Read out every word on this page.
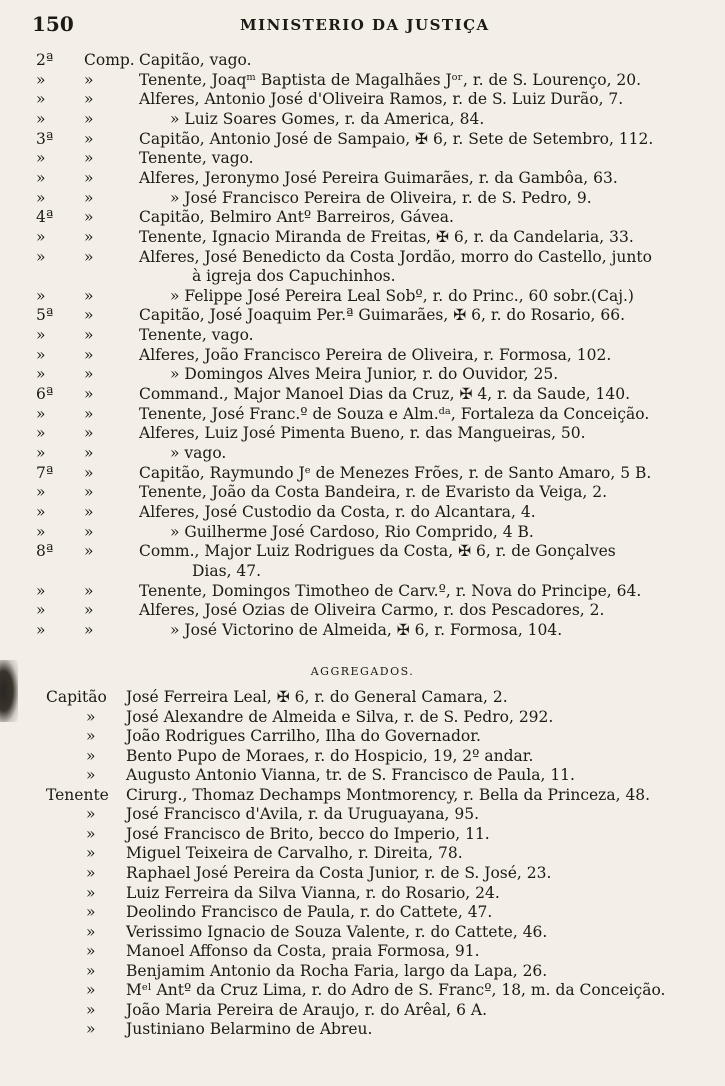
150	MINISTERIO DA JUSTIÇA
2ª	Comp. Capitão, vago.
»	»	Tenente, Joaqᵐ Baptista de Magalhães Jᵒʳ, r. de S. Lourenço, 20.
»	»	Alferes, Antonio José d'Oliveira Ramos, r. de S. Luiz Durão, 7.
»	»	» Luiz Soares Gomes, r. da America, 84.
3ª	»	Capitão, Antonio José de Sampaio, ✠ 6, r. Sete de Setembro, 112.
»	»	Tenente, vago.
»	»	Alferes, Jeronymo José Pereira Guimarães, r. da Gambôa, 63.
»	»	» José Francisco Pereira de Oliveira, r. de S. Pedro, 9.
4ª	»	Capitão, Belmiro Antº Barreiros, Gávea.
»	»	Tenente, Ignacio Miranda de Freitas, ✠ 6, r. da Candelaria, 33.
»	»	Alferes, José Benedicto da Costa Jordão, morro do Castello, junto
à igreja dos Capuchinhos.
»	»	» Felippe José Pereira Leal Sobº, r. do Princ., 60 sobr.(Caj.)
5ª	»	Capitão, José Joaquim Per.ª Guimarães, ✠ 6, r. do Rosario, 66.
»	»	Tenente, vago.
»	»	Alferes, João Francisco Pereira de Oliveira, r. Formosa, 102.
»	»	» Domingos Alves Meira Junior, r. do Ouvidor, 25.
6ª	»	Command., Major Manoel Dias da Cruz, ✠ 4, r. da Saude, 140.
»	»	Tenente, José Franc.º de Souza e Alm.ᵈᵃ, Fortaleza da Conceição.
»	»	Alferes, Luiz José Pimenta Bueno, r. das Mangueiras, 50.
»	»	» vago.
7ª	»	Capitão, Raymundo Jᵉ de Menezes Frões, r. de Santo Amaro, 5 B.
»	»	Tenente, João da Costa Bandeira, r. de Evaristo da Veiga, 2.
»	»	Alferes, José Custodio da Costa, r. do Alcantara, 4.
»	»	» Guilherme José Cardoso, Rio Comprido, 4 B.
8ª	»	Comm., Major Luiz Rodrigues da Costa, ✠ 6, r. de Gonçalves
Dias, 47.
»	»	Tenente, Domingos Timotheo de Carv.º, r. Nova do Principe, 64.
»	»	Alferes, José Ozias de Oliveira Carmo, r. dos Pescadores, 2.
»	»	» José Victorino de Almeida, ✠ 6, r. Formosa, 104.
AGGREGADOS.
Capitão José Ferreira Leal, ✠ 6, r. do General Camara, 2.
» José Alexandre de Almeida e Silva, r. de S. Pedro, 292.
» João Rodrigues Carrilho, Ilha do Governador.
» Bento Pupo de Moraes, r. do Hospicio, 19, 2º andar.
» Augusto Antonio Vianna, tr. de S. Francisco de Paula, 11.
Tenente Cirurg., Thomaz Dechamps Montmorency, r. Bella da Princeza, 48.
» José Francisco d'Avila, r. da Uruguayana, 95.
» José Francisco de Brito, becco do Imperio, 11.
» Miguel Teixeira de Carvalho, r. Direita, 78.
» Raphael José Pereira da Costa Junior, r. de S. José, 23.
» Luiz Ferreira da Silva Vianna, r. do Rosario, 24.
» Deolindo Francisco de Paula, r. do Cattete, 47.
» Verissimo Ignacio de Souza Valente, r. do Cattete, 46.
» Manoel Affonso da Costa, praia Formosa, 91.
» Benjamim Antonio da Rocha Faria, largo da Lapa, 26.
» Mᵉˡ Antº da Cruz Lima, r. do Adro de S. Francº, 18, m. da Conceição.
» João Maria Pereira de Araujo, r. do Arêal, 6 A.
» Justiniano Belarmino de Abreu.
